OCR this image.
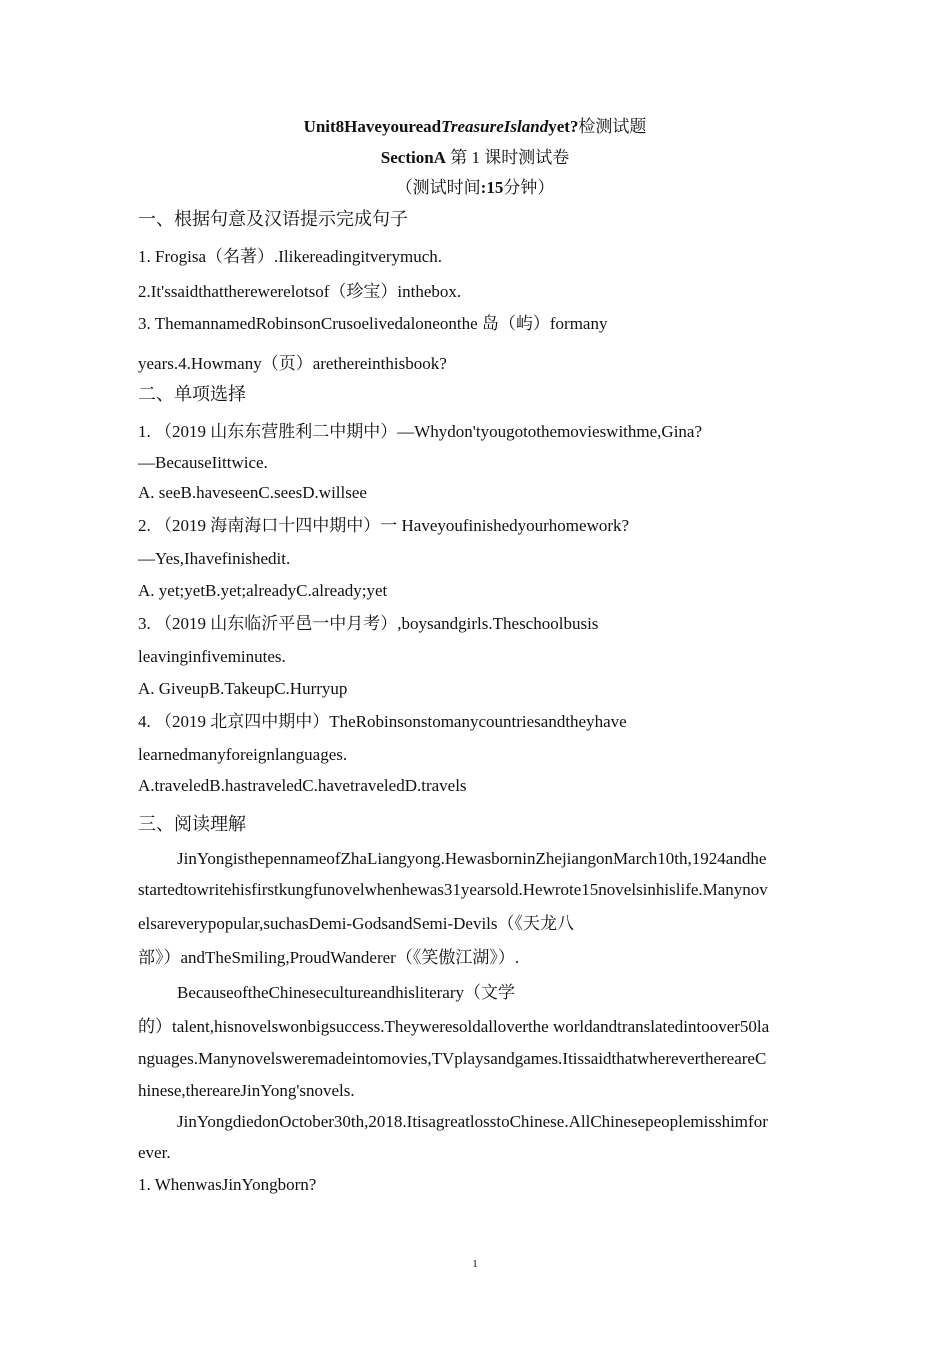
Unit8HaveyoureadTreasureIslandyet?检测试题
SectionA 第 1 课时测试卷
（测试时间:15分钟）
一、根据句意及汉语提示完成句子
1. Frogisa（名著）.Ilikereadingitverymuch.
2.It'ssaidthattherewerelotsof（珍宝）inthebox.
3. ThemannamedRobinsonCrusoelivedaloneonthe 岛（屿）formany
years.4.Howmany（页）arethereinthisbook?
二、单项选择
1. （2019 山东东营胜利二中期中）—Whydon'tyougotothemovieswithme,Gina?
—BecauseIittwice.
A. seeB.haveseenC.seesD.willsee
2. （2019 海南海口十四中期中）一 Haveyoufinishedyourhomework?
—Yes,Ihavefinishedit.
A. yet;yetB.yet;alreadyC.already;yet
3. （2019 山东临沂平邑一中月考）,boysandgirls.Theschoolbusis
leavinginfiveminutes.
A. GiveupB.TakeupC.Hurryup
4. （2019 北京四中期中）TheRobinsonstomanycountriesandtheyhave
learnedmanyforeignlanguages.
A.traveledB.hastraveledC.havetraveledD.travels
三、阅读理解
JinYongisthepennameofZhaLiangyong.HewasborninZhejiangonMarch10th,1924andhe
startedtowritehisfirstkungfunovelwhenhewas31yearsold.Hewrote15novelsinhislife.Manynov
elsareverypopular,suchasDemi-GodsandSemi-Devils（《天龙八
部》）andTheSmiling,ProudWanderer（《笑傲江湖》）.
BecauseoftheChinesecultureandhisliterary（文学
的）talent,hisnovelswonbigsuccess.Theyweresoldalloverthe worldandtranslatedintoover50la
nguages.Manynovelsweremadeintomovies,TVplaysandgames.ItissaidthatwherevertherearеC
hinese,therearеJinYong'snovels.
JinYongdiedonOctober30th,2018.ItisagreatlosstoChinese.AllChinesepeoplemisshimfor
ever.
1. WhenwasJinYongborn?
1
